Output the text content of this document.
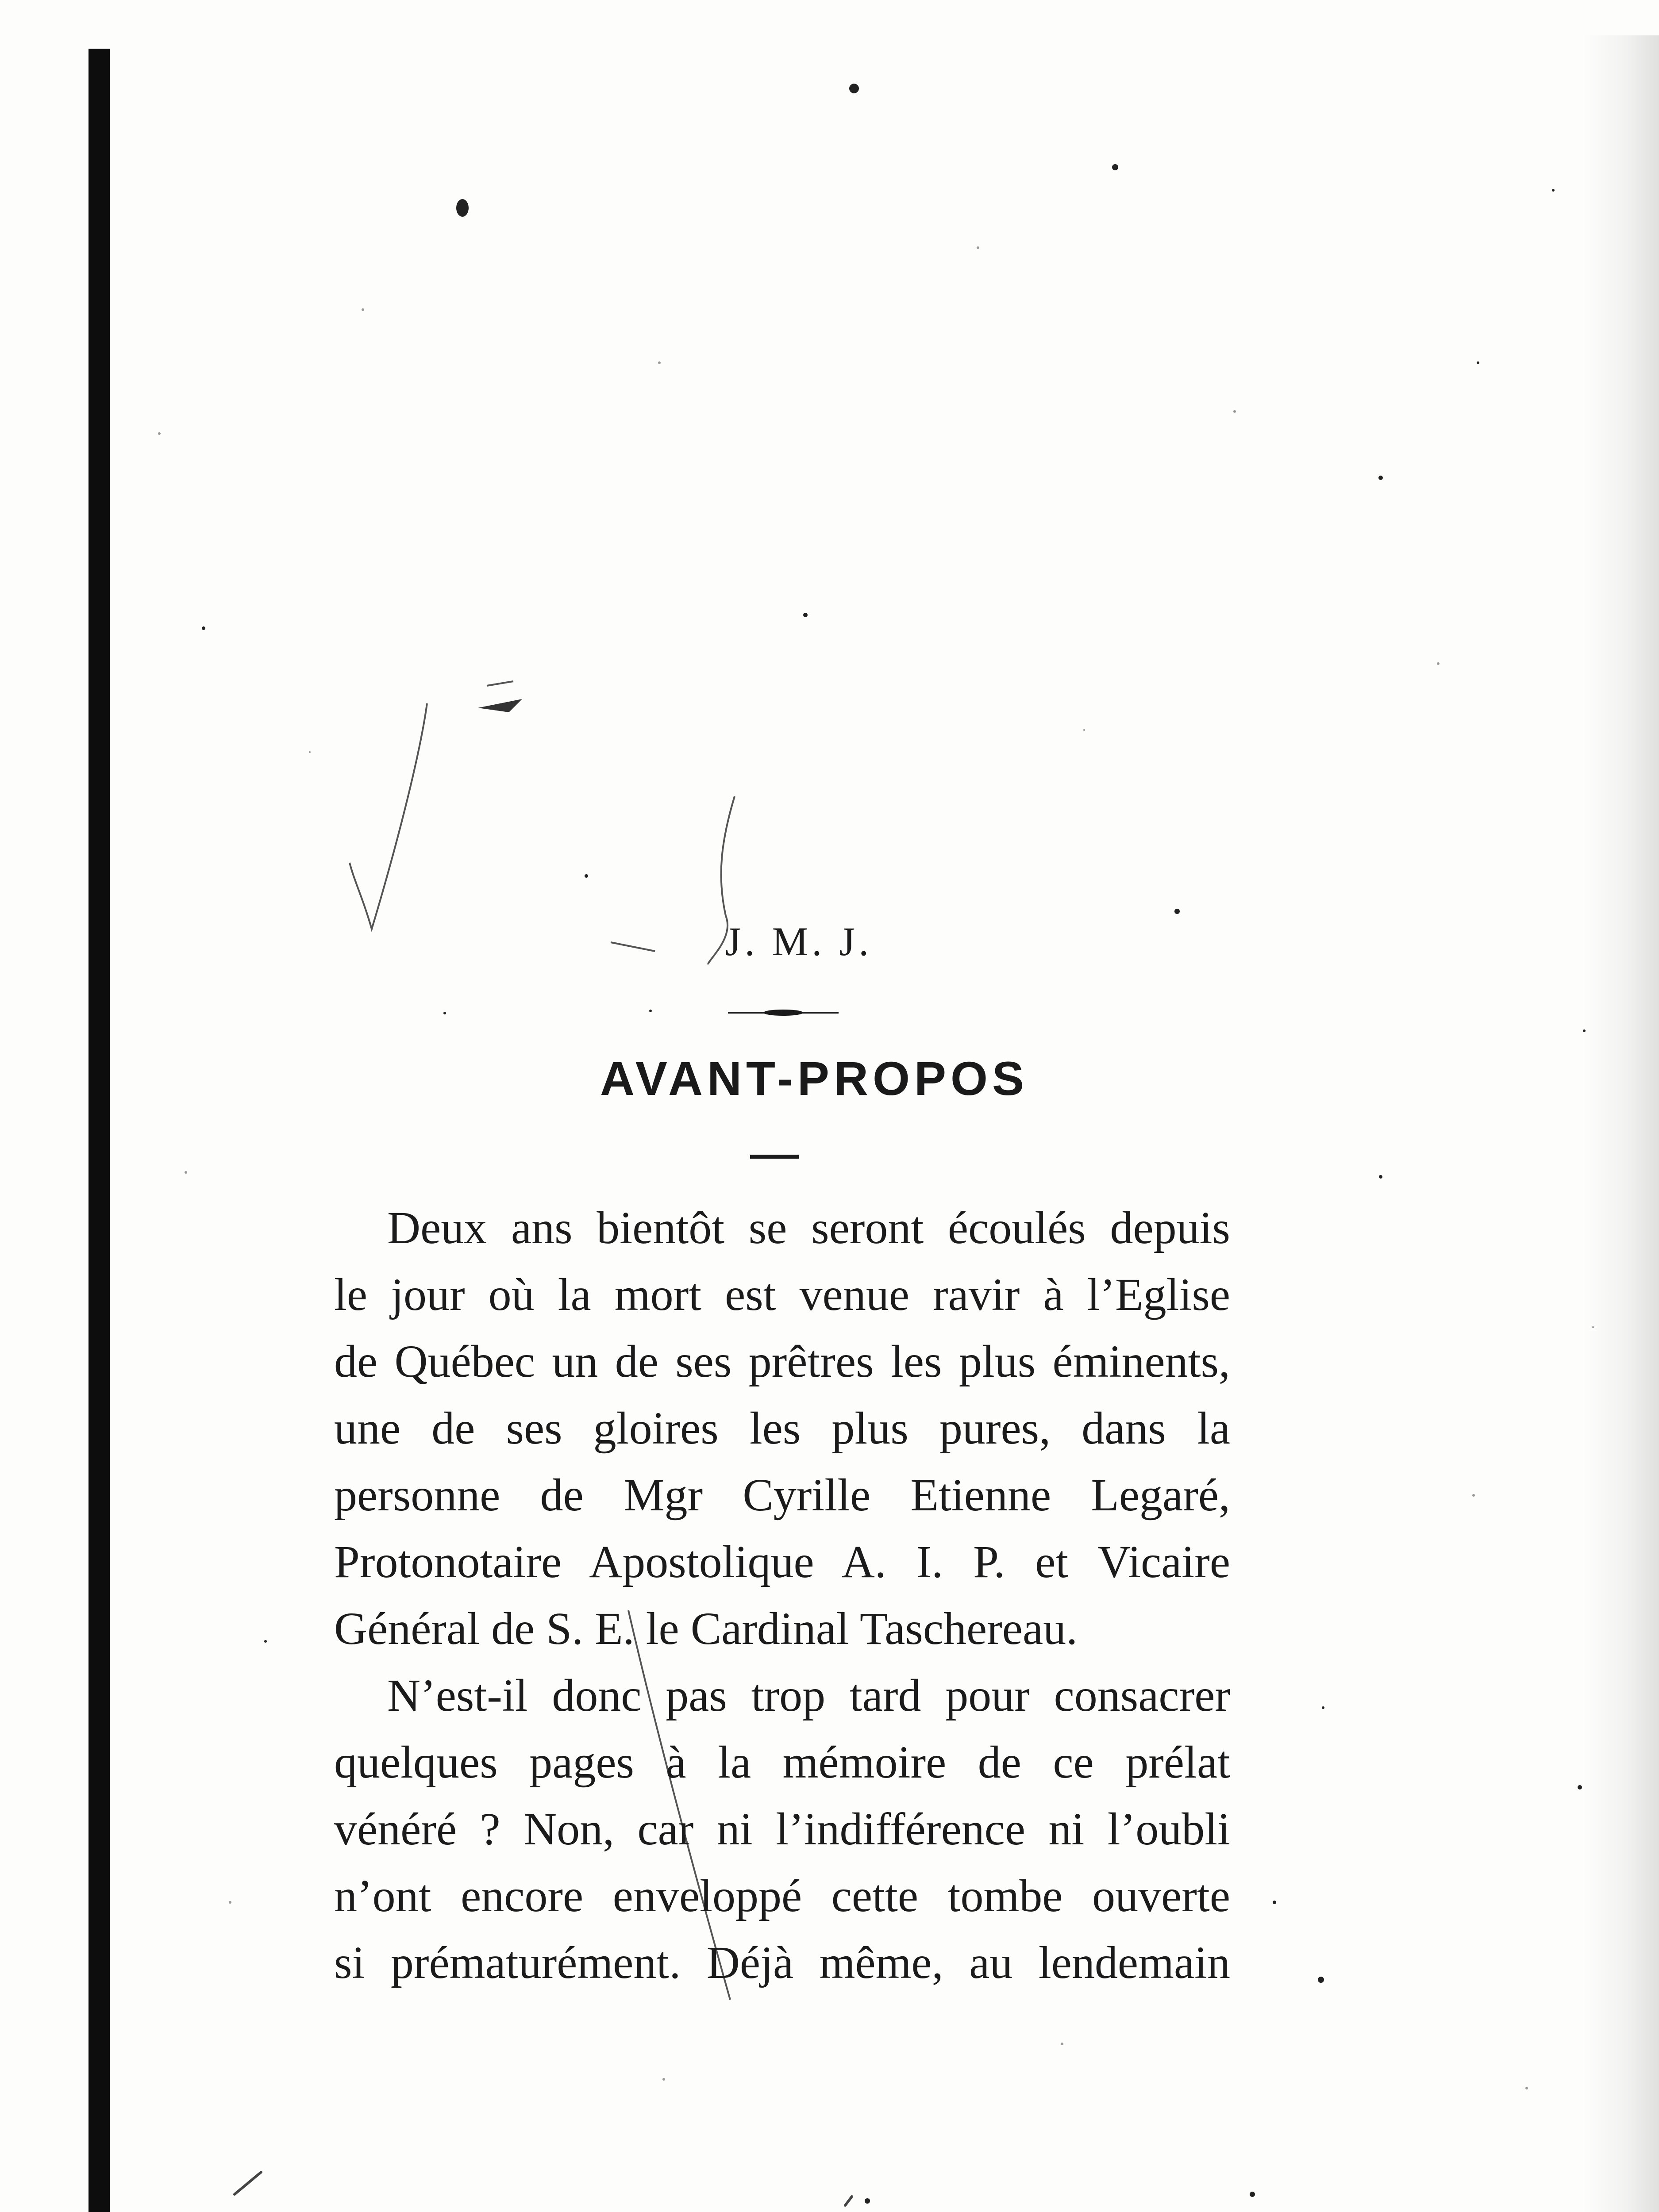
J. M. J.
AVANT-PROPOS
Deux ans bientôt se seront écoulés depuis
le jour où la mort est venue ravir à l’Eglise
de Québec un de ses prêtres les plus éminents,
une de ses gloires les plus pures, dans la
personne de Mgr Cyrille Etienne Legaré,
Protonotaire Apostolique A. I. P. et Vicaire
Général de S. E. le Cardinal Taschereau.
N’est-il donc pas trop tard pour consacrer
quelques pages à la mémoire de ce prélat
vénéré ? Non, car ni l’indifférence ni l’oubli
n’ont encore enveloppé cette tombe ouverte
si prématurément. Déjà même, au lendemain
